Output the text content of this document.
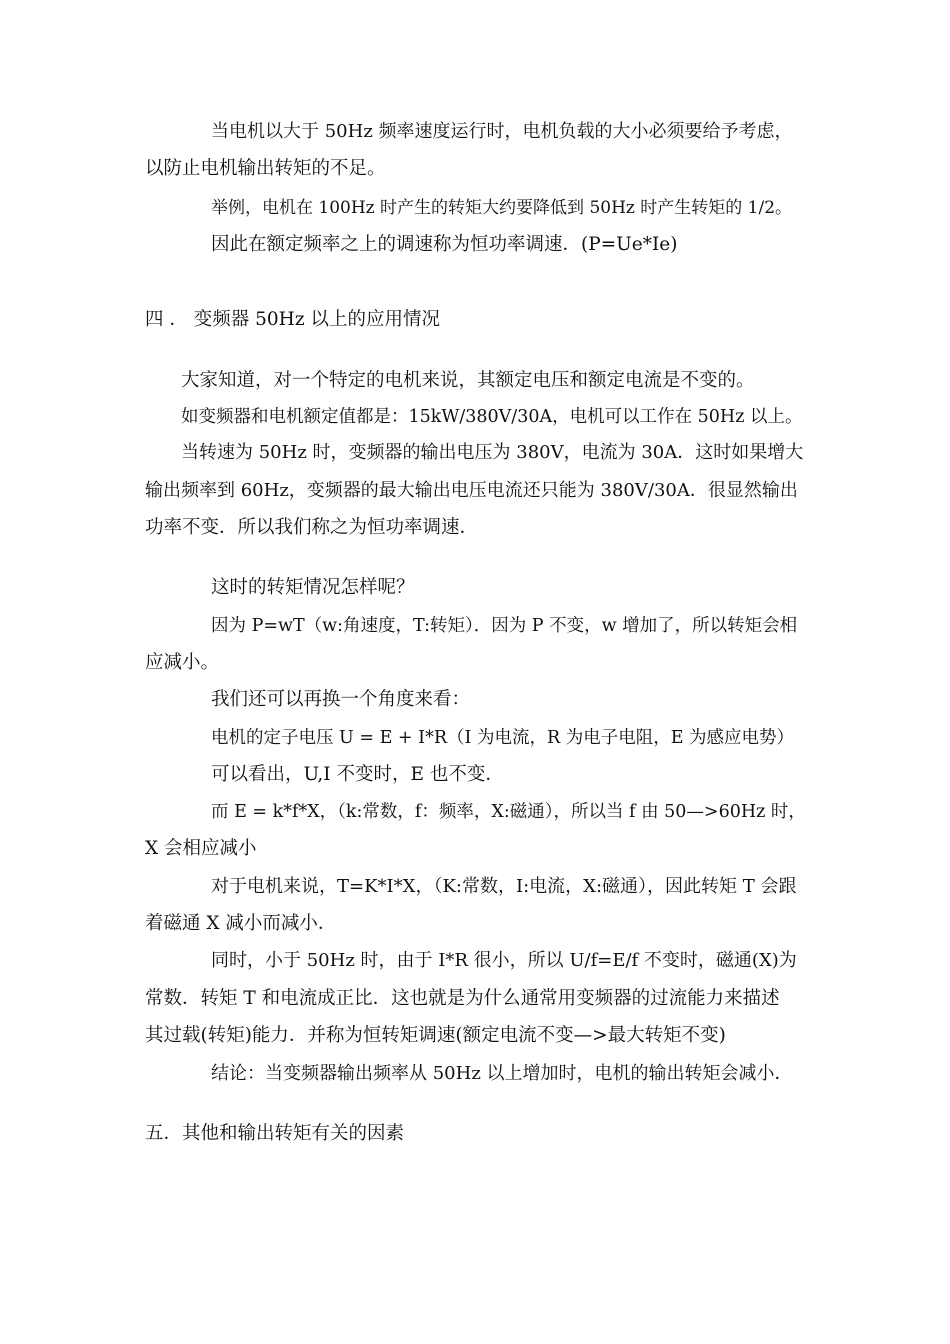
当电机以大于 50Hz 频率速度运行时，电机负载的大小必须要给予考虑，
以防止电机输出转矩的不足。
举例，电机在 100Hz 时产生的转矩大约要降低到 50Hz 时产生转矩的 1/2。
因此在额定频率之上的调速称为恒功率调速．(P=Ue*Ie)
四 ． 变频器 50Hz 以上的应用情况
大家知道，对一个特定的电机来说，其额定电压和额定电流是不变的。
如变频器和电机额定值都是：15kW/380V/30A，电机可以工作在 50Hz 以上。
当转速为 50Hz 时，变频器的输出电压为 380V，电流为 30A．这时如果增大
输出频率到 60Hz，变频器的最大输出电压电流还只能为 380V/30A．很显然输出
功率不变．所以我们称之为恒功率调速．
这时的转矩情况怎样呢？
因为 P=wT（w:角速度，T:转矩）．因为 P 不变，w 增加了，所以转矩会相
应减小。
我们还可以再换一个角度来看：
电机的定子电压 U = E + I*R（I 为电流，R 为电子电阻，E 为感应电势）
可以看出，U,I 不变时，E 也不变．
而 E = k*f*X，（k:常数，f：频率，X:磁通），所以当 f 由 50—>60Hz 时，
X 会相应减小
对于电机来说，T=K*I*X，（K:常数，I:电流，X:磁通），因此转矩 T 会跟
着磁通 X 减小而减小．
同时，小于 50Hz 时，由于 I*R 很小，所以 U/f=E/f 不变时，磁通(X)为
常数．转矩 T 和电流成正比．这也就是为什么通常用变频器的过流能力来描述
其过载(转矩)能力．并称为恒转矩调速(额定电流不变—>最大转矩不变)
结论：当变频器输出频率从 50Hz 以上增加时，电机的输出转矩会减小．
五．其他和输出转矩有关的因素
